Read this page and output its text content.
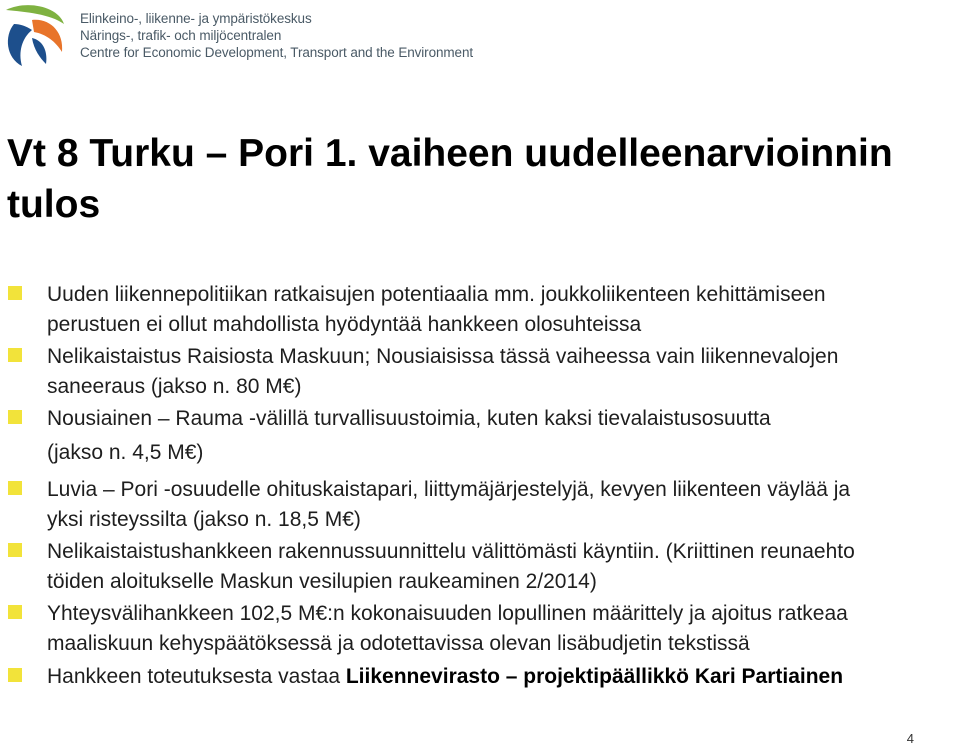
Elinkeino-, liikenne- ja ympäristökeskus
Närings-, trafik- och miljöcentralen
Centre for Economic Development, Transport and the Environment
Vt 8 Turku – Pori 1. vaiheen uudelleenarvioinnin
tulos
Uuden liikennepolitiikan ratkaisujen potentiaalia mm. joukkoliikenteen kehittämiseen
perustuen ei ollut mahdollista hyödyntää hankkeen olosuhteissa
Nelikaistaistus Raisiosta Maskuun; Nousiaisissa tässä vaiheessa vain liikennevalojen
saneeraus (jakso n. 80 M€)
Nousiainen – Rauma -välillä turvallisuustoimia, kuten kaksi tievalaistusosuutta
(jakso n. 4,5 M€)
Luvia – Pori -osuudelle ohituskaistapari, liittymäjärjestelyjä, kevyen liikenteen väylää ja
yksi risteyssilta (jakso n. 18,5 M€)
Nelikaistaistushankkeen rakennussuunnittelu välittömästi käyntiin. (Kriittinen reunaehto
töiden aloitukselle Maskun vesilupien raukeaminen 2/2014)
Yhteysvälihankkeen 102,5 M€:n kokonaisuuden lopullinen määrittely ja ajoitus ratkeaa
maaliskuun kehyspäätöksessä ja odotettavissa olevan lisäbudjetin tekstissä
Hankkeen toteutuksesta vastaa Liikennevirasto – projektipäällikkö Kari Partiainen
4
